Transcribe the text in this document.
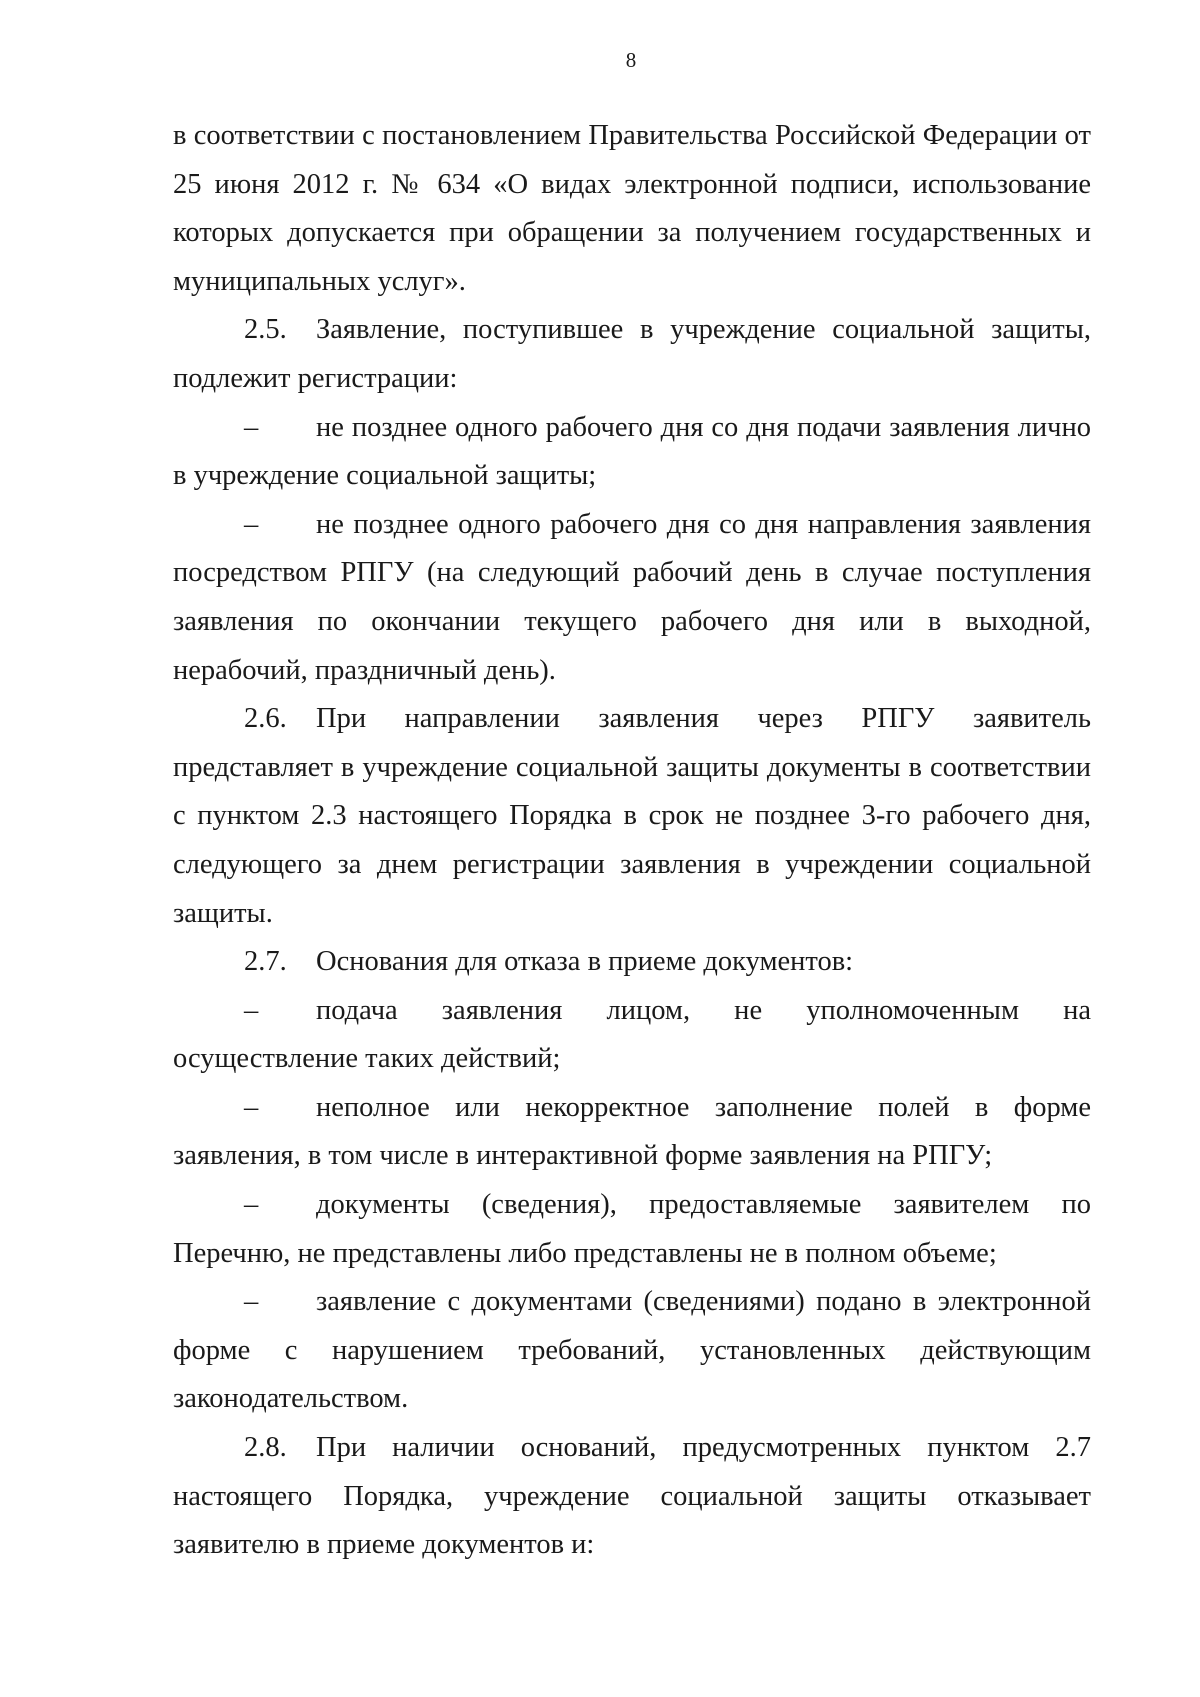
8

в соответствии с постановлением Правительства Российской Федерации от 25 июня 2012 г. № 634 «О видах электронной подписи, использование которых допускается при обращении за получением государственных и муниципальных услуг».

2.5. Заявление, поступившее в учреждение социальной защиты, подлежит регистрации:

– не позднее одного рабочего дня со дня подачи заявления лично в учреждение социальной защиты;

– не позднее одного рабочего дня со дня направления заявления посредством РПГУ (на следующий рабочий день в случае поступления заявления по окончании текущего рабочего дня или в выходной, нерабочий, праздничный день).

2.6. При направлении заявления через РПГУ заявитель представляет в учреждение социальной защиты документы в соответствии с пунктом 2.3 настоящего Порядка в срок не позднее 3-го рабочего дня, следующего за днем регистрации заявления в учреждении социальной защиты.

2.7. Основания для отказа в приеме документов:

– подача заявления лицом, не уполномоченным на осуществление таких действий;

– неполное или некорректное заполнение полей в форме заявления, в том числе в интерактивной форме заявления на РПГУ;

– документы (сведения), предоставляемые заявителем по Перечню, не представлены либо представлены не в полном объеме;

– заявление с документами (сведениями) подано в электронной форме с нарушением требований, установленных действующим законодательством.

2.8. При наличии оснований, предусмотренных пунктом 2.7 настоящего Порядка, учреждение социальной защиты отказывает заявителю в приеме документов и:
